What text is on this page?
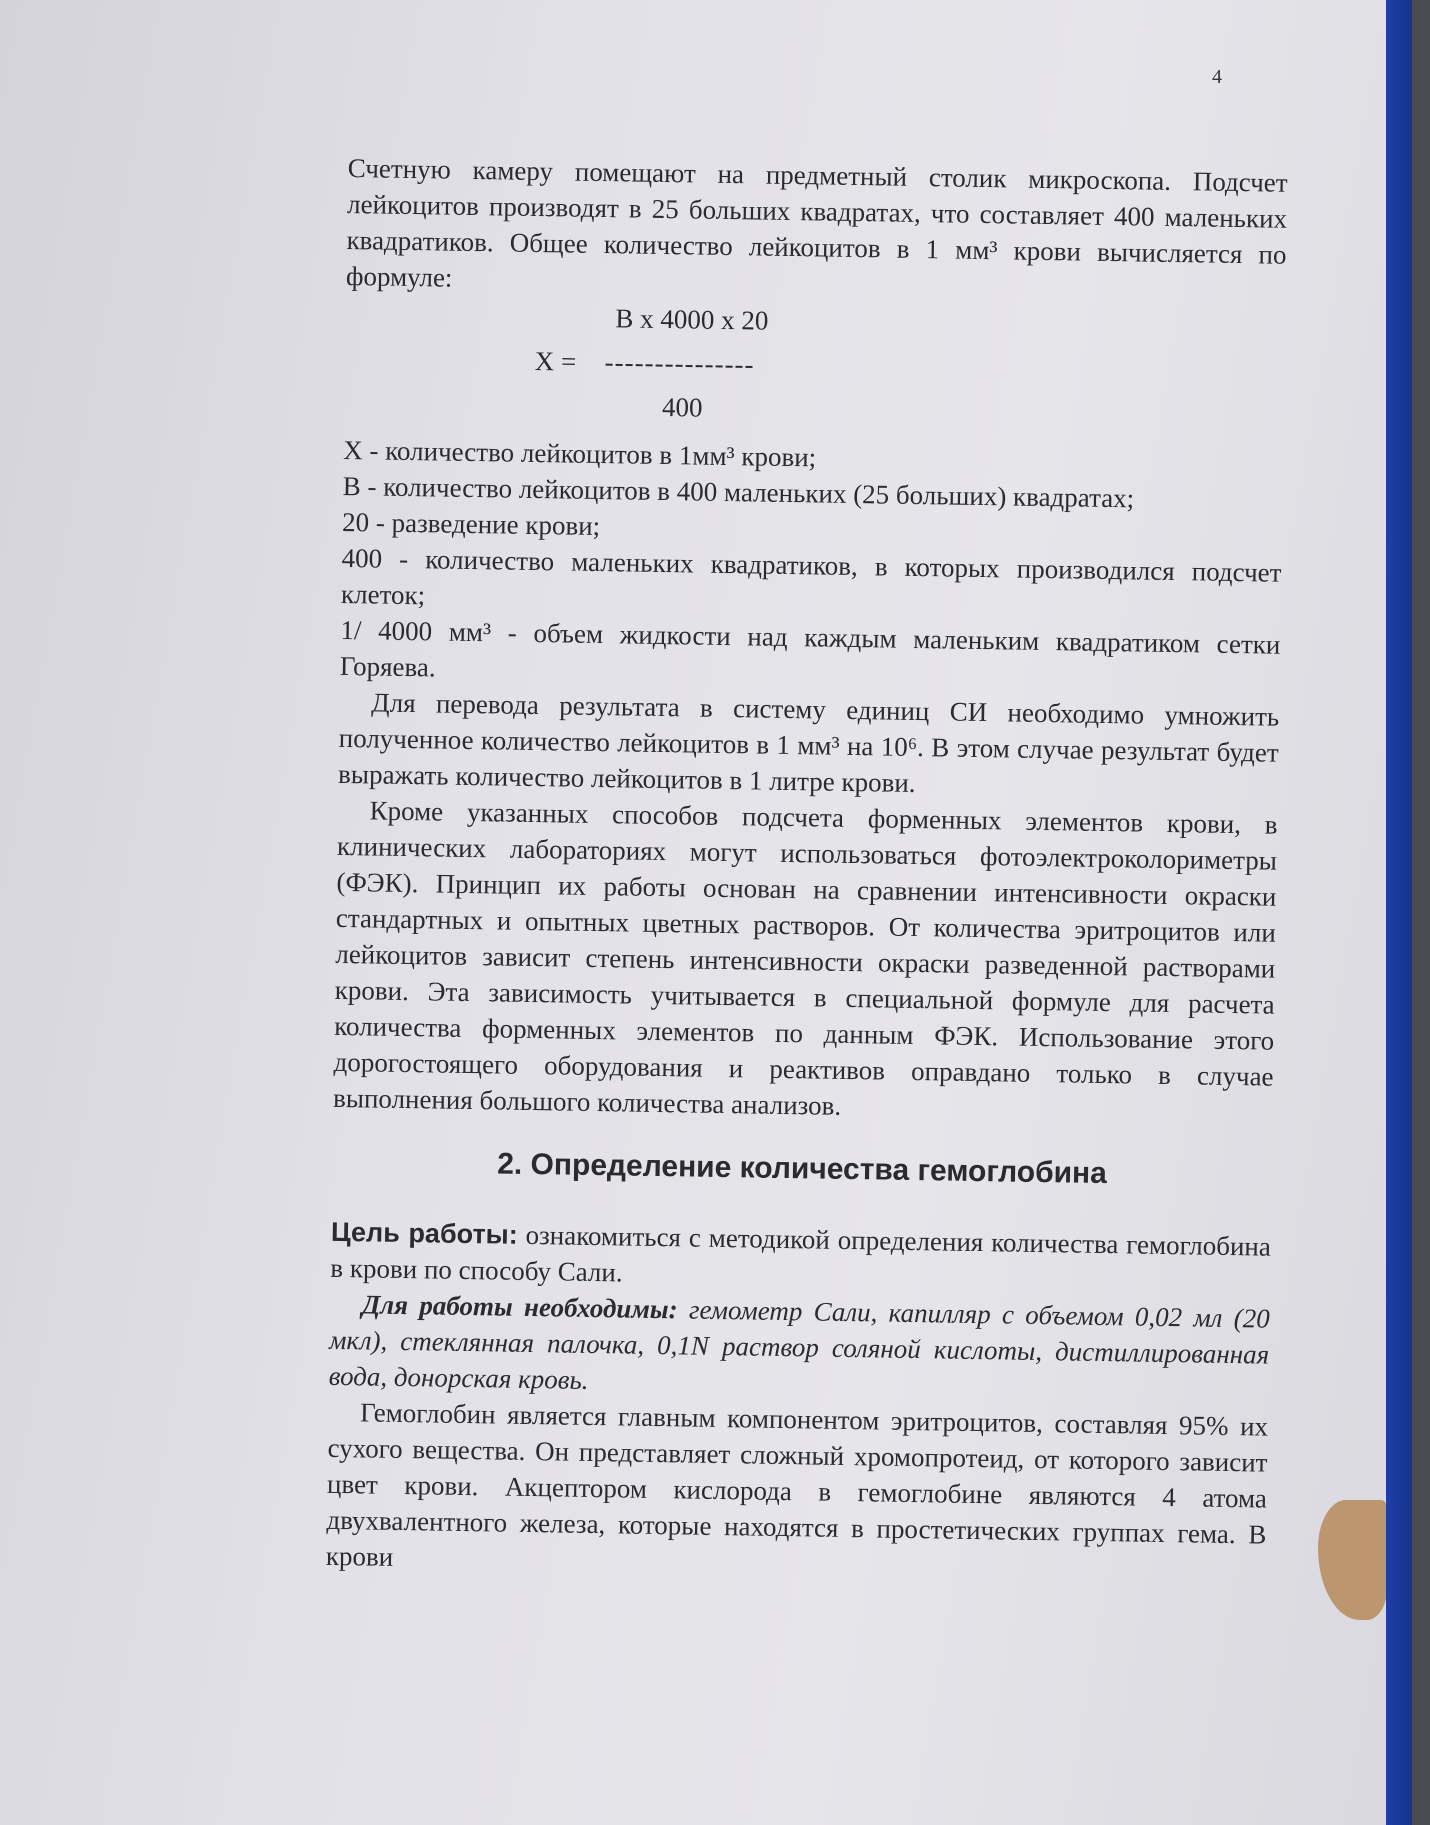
4

Счетную камеру помещают на предметный столик микроскопа. Подсчет лейкоцитов производят в 25 больших квадратах, что составляет 400 маленьких квадратиков. Общее количество лейкоцитов в 1 мм³ крови вычисляется по формуле:

B x 4000 x 20
X = ---------------
400

X - количество лейкоцитов в 1мм³ крови;

B - количество лейкоцитов в 400 маленьких (25 больших) квадратах;

20 - разведение крови;

400 - количество маленьких квадратиков, в которых производился подсчет клеток;

1/ 4000 мм³ - объем жидкости над каждым маленьким квадратиком сетки Горяева.

Для перевода результата в систему единиц СИ необходимо умножить полученное количество лейкоцитов в 1 мм³ на 10⁶. В этом случае результат будет выражать количество лейкоцитов в 1 литре крови.

Кроме указанных способов подсчета форменных элементов крови, в клинических лабораториях могут использоваться фотоэлектроколориметры (ФЭК). Принцип их работы основан на сравнении интенсивности окраски стандартных и опытных цветных растворов. От количества эритроцитов или лейкоцитов зависит степень интенсивности окраски разведенной растворами крови. Эта зависимость учитывается в специальной формуле для расчета количества форменных элементов по данным ФЭК. Использование этого дорогостоящего оборудования и реактивов оправдано только в случае выполнения большого количества анализов.

2. Определение количества гемоглобина

Цель работы: ознакомиться с методикой определения количества гемоглобина в крови по способу Сали.

Для работы необходимы: гемометр Сали, капилляр с объемом 0,02 мл (20 мкл), стеклянная палочка, 0,1N раствор соляной кислоты, дистиллированная вода, донорская кровь.

Гемоглобин является главным компонентом эритроцитов, составляя 95% их сухого вещества. Он представляет сложный хромопротеид, от которого зависит цвет крови. Акцептором кислорода в гемоглобине являются 4 атома двухвалентного железа, которые находятся в простетических группах гема. В крови
